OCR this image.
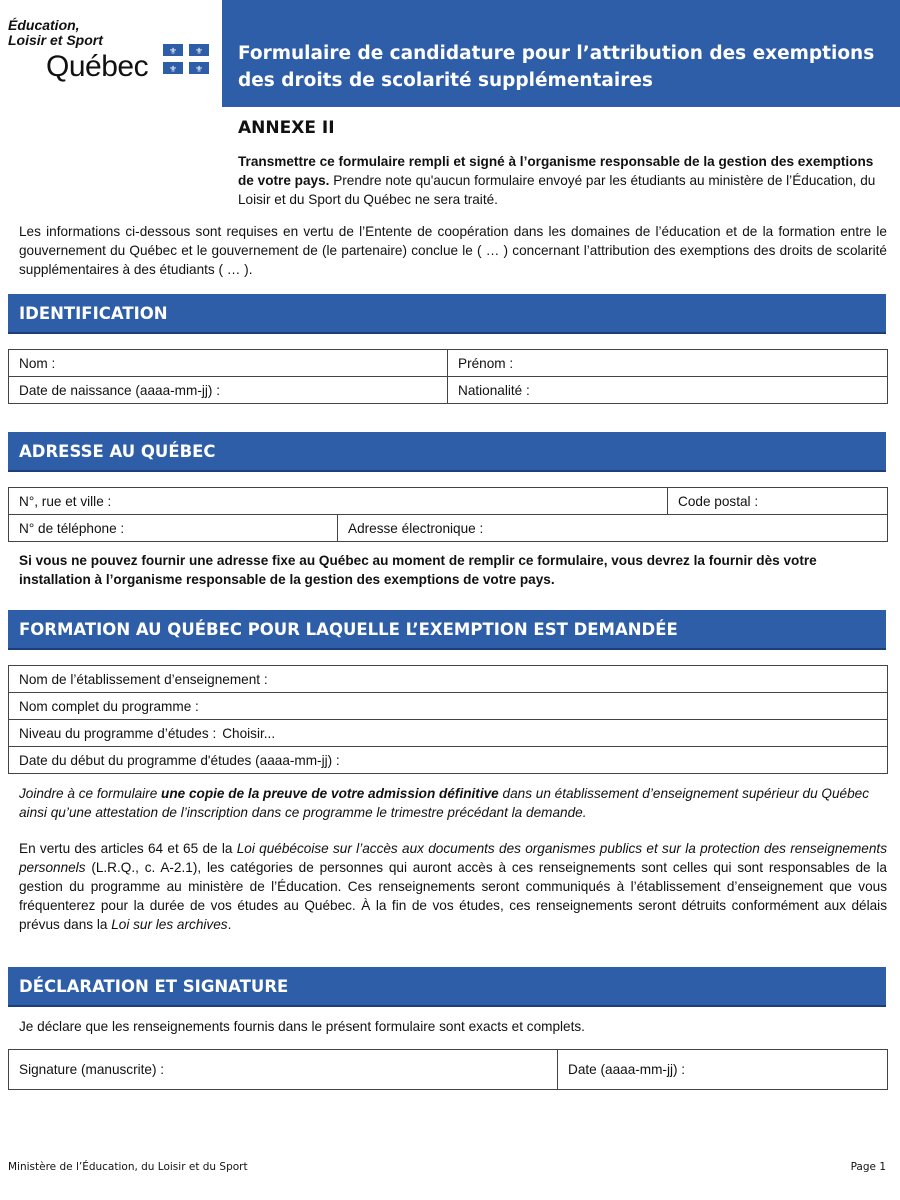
Éducation,
Loisir et Sport
Québec	⚜ ⚜
⚜ ⚜
Formulaire de candidature pour l’attribution des exemptions des droits de scolarité supplémentaires
ANNEXE II
Transmettre ce formulaire rempli et signé à l’organisme responsable de la gestion des exemptions de votre pays. Prendre note qu'aucun formulaire envoyé par les étudiants au ministère de l’Éducation, du Loisir et du Sport du Québec ne sera traité.
Les informations ci-dessous sont requises en vertu de l’Entente de coopération dans les domaines de l’éducation et de la formation entre le gouvernement du Québec et le gouvernement de (le partenaire) conclue le ( … ) concernant l’attribution des exemptions des droits de scolarité supplémentaires à des étudiants ( … ).
IDENTIFICATION
Nom :	Prénom :
Date de naissance (aaaa-mm-jj) :	Nationalité :
ADRESSE AU QUÉBEC
N°, rue et ville :		Code postal :
N° de téléphone :	Adresse électronique :	
Si vous ne pouvez fournir une adresse fixe au Québec au moment de remplir ce formulaire, vous devrez la fournir dès votre installation à l’organisme responsable de la gestion des exemptions de votre pays.
FORMATION AU QUÉBEC POUR LAQUELLE L’EXEMPTION EST DEMANDÉE
Nom de l’établissement d’enseignement :
Nom complet du programme :
Niveau du programme d’études : Choisir...
Date du début du programme d'études (aaaa-mm-jj) :
Joindre à ce formulaire une copie de la preuve de votre admission définitive dans un établissement d’enseignement supérieur du Québec ainsi qu’une attestation de l’inscription dans ce programme le trimestre précédant la demande.
En vertu des articles 64 et 65 de la Loi québécoise sur l’accès aux documents des organismes publics et sur la protection des renseignements personnels (L.R.Q., c. A-2.1), les catégories de personnes qui auront accès à ces renseignements sont celles qui sont responsables de la gestion du programme au ministère de l’Éducation. Ces renseignements seront communiqués à l’établissement d’enseignement que vous fréquenterez pour la durée de vos études au Québec. À la fin de vos études, ces renseignements seront détruits conformément aux délais prévus dans la Loi sur les archives.
DÉCLARATION ET SIGNATURE
Je déclare que les renseignements fournis dans le présent formulaire sont exacts et complets.
Signature (manuscrite) :	Date (aaaa-mm-jj) :
Ministère de l’Éducation, du Loisir et du Sport	Page 1
